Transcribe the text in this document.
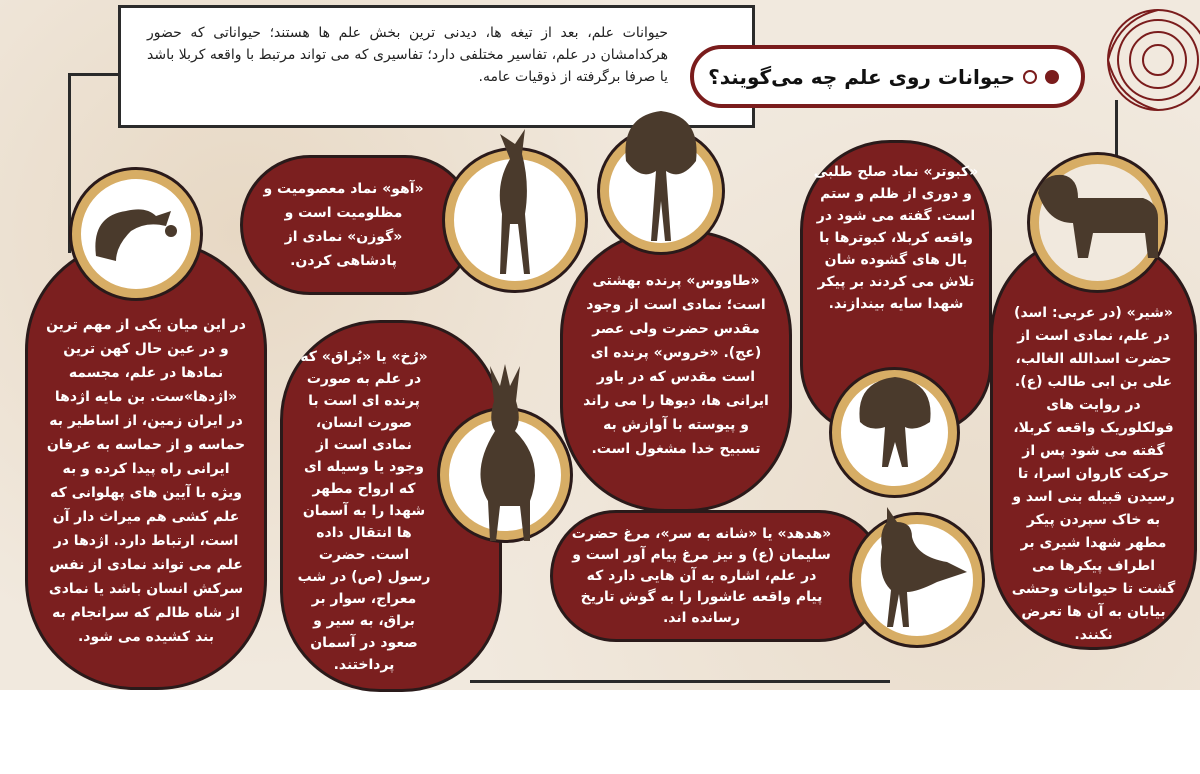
حیوانات علم، بعد از تیغه ها، دیدنی ترین بخش علم ها هستند؛ حیواناتی که حضور هرکدامشان در علم، تفاسیر مختلفی دارد؛ تفاسیری که می تواند مرتبط با واقعه کربلا باشد یا صرفا برگرفته از ذوقیات عامه.	حیوانات روی علم چه می‌گویند؟
در این میان یکی از مهم ترین و در عین حال کهن ترین نمادها در علم، مجسمه «اژدها»ست. بن مایه اژدها در ایران زمین، از اساطیر به حماسه و از حماسه به عرفان ایرانی راه پیدا کرده و به ویژه با آیین های پهلوانی که علم کشی هم میراث دار آن است، ارتباط دارد. اژدها در علم می تواند نمادی از نفس سرکش انسان باشد یا نمادی از شاه ظالم که سرانجام به بند کشیده می شود.
«آهو» نماد معصومیت و مظلومیت است و «گوزن» نمادی از پادشاهی کردن.
«طاووس» پرنده بهشتی است؛ نمادی است از وجود مقدس حضرت ولی عصر (عج). «خروس» پرنده ای است مقدس که در باور ایرانی ها، دیوها را می راند و پیوسته با آوازش به تسبیح خدا مشغول است.
«کبوتر» نماد صلح طلبی و دوری از ظلم و ستم است. گفته می شود در واقعه کربلا، کبوترها با بال های گشوده شان تلاش می کردند بر پیکر شهدا سایه بیندازند.
«شیر» (در عربی: اسد) در علم، نمادی است از حضرت اسدالله الغالب، علی بن ابی طالب (ع). در روایت های فولکلوریک واقعه کربلا، گفته می شود پس از حرکت کاروان اسرا، تا رسیدن قبیله بنی اسد و به خاک سپردن پیکر مطهر شهدا شیری بر اطراف پیکرها می گشت تا حیوانات وحشی بیابان به آن ها تعرض نکنند.
«رُخ» یا «بُراق» که در علم به صورت پرنده ای است با صورت انسان، نمادی است از وجود یا وسیله ای که ارواح مطهر شهدا را به آسمان ها انتقال داده است. حضرت رسول (ص) در شب معراج، سوار بر براق، به سیر و صعود در آسمان پرداختند.
«هدهد» یا «شانه به سر»، مرغ حضرت سلیمان (ع) و نیز مرغ پیام آور است و در علم، اشاره به آن هایی دارد که پیام واقعه عاشورا را به گوش تاریخ رسانده اند.
